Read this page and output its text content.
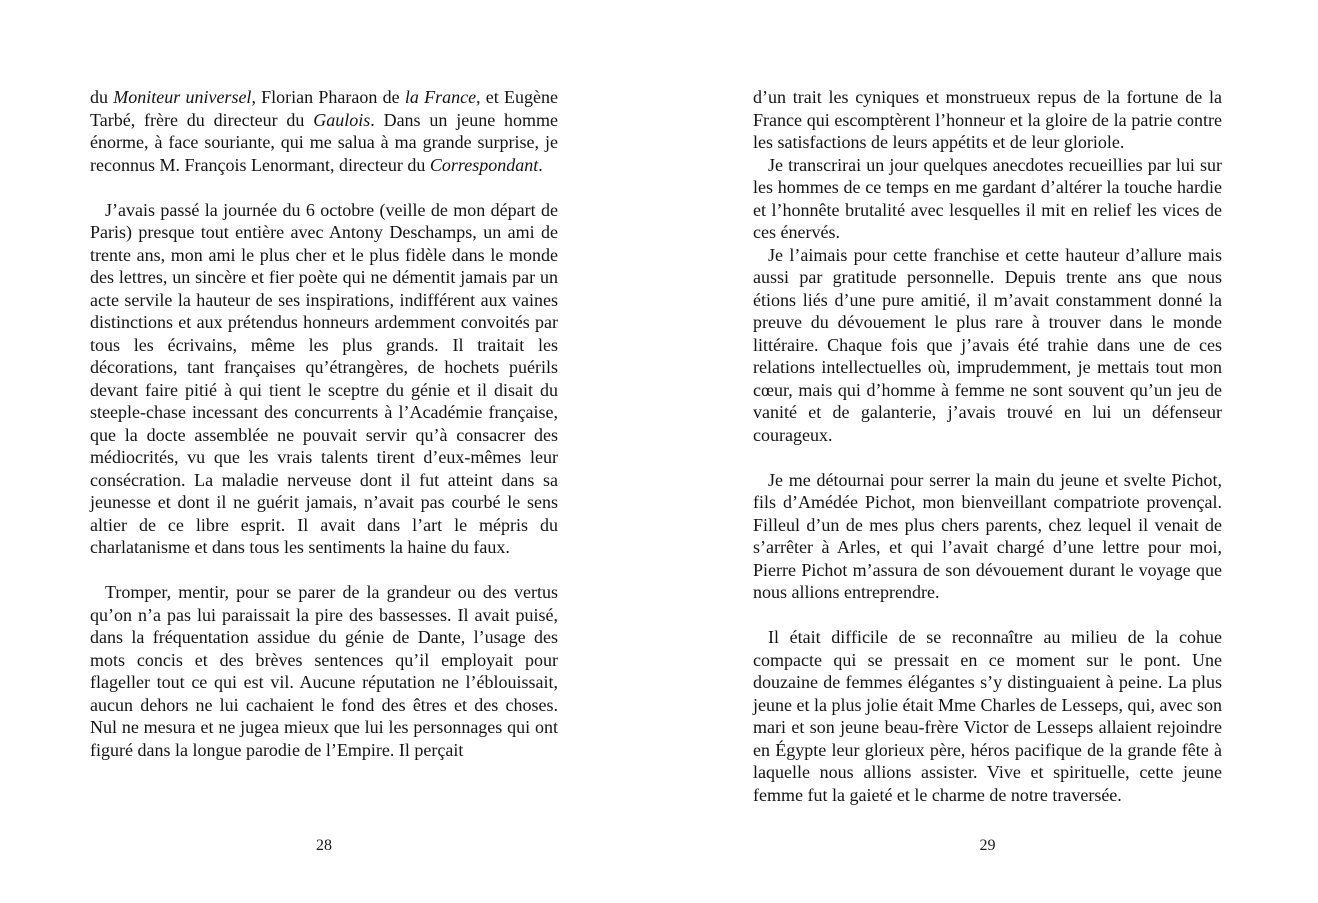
du Moniteur universel, Florian Pharaon de la France, et Eugène Tarbé, frère du directeur du Gaulois. Dans un jeune homme énorme, à face souriante, qui me salua à ma grande surprise, je reconnus M. François Lenormant, directeur du Correspondant.

J’avais passé la journée du 6 octobre (veille de mon départ de Paris) presque tout entière avec Antony Deschamps, un ami de trente ans, mon ami le plus cher et le plus fidèle dans le monde des lettres, un sincère et fier poète qui ne démentit jamais par un acte servile la hauteur de ses inspirations, indifférent aux vaines distinctions et aux prétendus honneurs ardemment convoités par tous les écrivains, même les plus grands. Il traitait les décorations, tant françaises qu’étrangères, de hochets puérils devant faire pitié à qui tient le sceptre du génie et il disait du steeple-chase incessant des concurrents à l’Académie française, que la docte assemblée ne pouvait servir qu’à consacrer des médiocrités, vu que les vrais talents tirent d’eux-mêmes leur consécration. La maladie nerveuse dont il fut atteint dans sa jeunesse et dont il ne guérit jamais, n’avait pas courbé le sens altier de ce libre esprit. Il avait dans l’art le mépris du charlatanisme et dans tous les sentiments la haine du faux.

Tromper, mentir, pour se parer de la grandeur ou des vertus qu’on n’a pas lui paraissait la pire des bassesses. Il avait puisé, dans la fréquentation assidue du génie de Dante, l’usage des mots concis et des brèves sentences qu’il employait pour flageller tout ce qui est vil. Aucune réputation ne l’éblouissait, aucun dehors ne lui cachaient le fond des êtres et des choses. Nul ne mesura et ne jugea mieux que lui les personnages qui ont figuré dans la longue parodie de l’Empire. Il perçait

d’un trait les cyniques et monstrueux repus de la fortune de la France qui escomptèrent l’honneur et la gloire de la patrie contre les satisfactions de leurs appétits et de leur gloriole.

Je transcrirai un jour quelques anecdotes recueillies par lui sur les hommes de ce temps en me gardant d’altérer la touche hardie et l’honnête brutalité avec lesquelles il mit en relief les vices de ces énervés.

Je l’aimais pour cette franchise et cette hauteur d’allure mais aussi par gratitude personnelle. Depuis trente ans que nous étions liés d’une pure amitié, il m’avait constamment donné la preuve du dévouement le plus rare à trouver dans le monde littéraire. Chaque fois que j’avais été trahie dans une de ces relations intellectuelles où, imprudemment, je mettais tout mon cœur, mais qui d’homme à femme ne sont souvent qu’un jeu de vanité et de galanterie, j’avais trouvé en lui un défenseur courageux.

Je me détournai pour serrer la main du jeune et svelte Pichot, fils d’Amédée Pichot, mon bienveillant compatriote provençal. Filleul d’un de mes plus chers parents, chez lequel il venait de s’arrêter à Arles, et qui l’avait chargé d’une lettre pour moi, Pierre Pichot m’assura de son dévouement durant le voyage que nous allions entreprendre.

Il était difficile de se reconnaître au milieu de la cohue compacte qui se pressait en ce moment sur le pont. Une douzaine de femmes élégantes s’y distinguaient à peine. La plus jeune et la plus jolie était Mme Charles de Lesseps, qui, avec son mari et son jeune beau-frère Victor de Lesseps allaient rejoindre en Égypte leur glorieux père, héros pacifique de la grande fête à laquelle nous allions assister. Vive et spirituelle, cette jeune femme fut la gaieté et le charme de notre traversée.

28	29
